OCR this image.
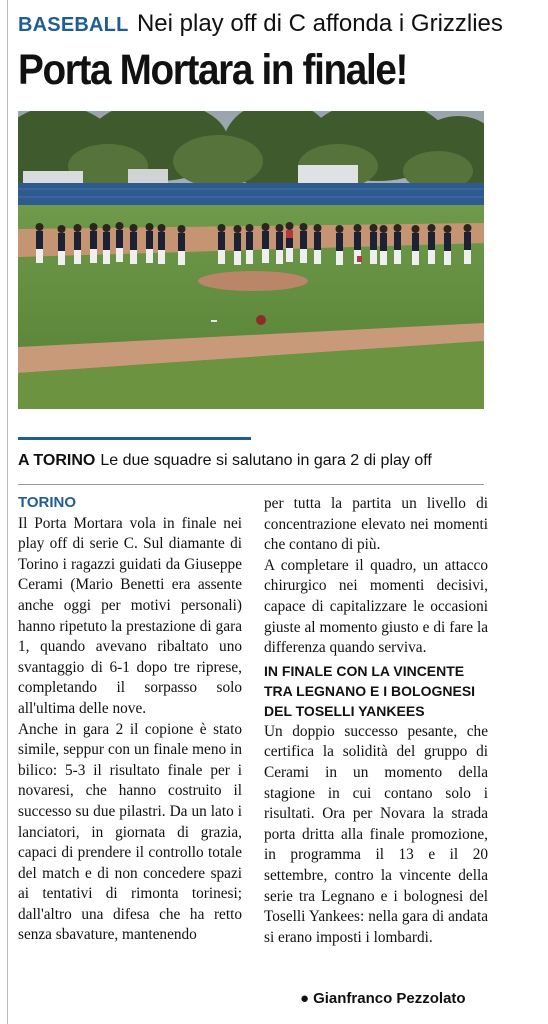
BASEBALL Nei play off di C affonda i Grizzlies
Porta Mortara in finale!
A TORINO Le due squadre si salutano in gara 2 di play off
TORINO

Il Porta Mortara vola in finale nei play off di serie C. Sul diamante di Torino i ragazzi guidati da Giuseppe Cerami (Mario Benetti era assente anche oggi per motivi personali) hanno ripetuto la prestazione di gara 1, quando avevano ribaltato uno svantaggio di 6-1 dopo tre riprese, completando il sorpasso solo all'ultima delle nove.

Anche in gara 2 il copione è stato simile, seppur con un finale meno in bilico: 5-3 il risultato finale per i novaresi, che hanno costruito il successo su due pilastri. Da un lato i lanciatori, in giornata di grazia, capaci di prendere il controllo totale del match e di non concedere spazi ai tentativi di rimonta torinesi; dall'altro una difesa che ha retto senza sbavature, mantenendo

per tutta la partita un livello di concentrazione elevato nei momenti che contano di più.

A completare il quadro, un attacco chirurgico nei momenti decisivi, capace di capitalizzare le occasioni giuste al momento giusto e di fare la differenza quando serviva.

IN FINALE CON LA VINCENTE TRA LEGNANO E I BOLOGNESI DEL TOSELLI YANKEES

Un doppio successo pesante, che certifica la solidità del gruppo di Cerami in un momento della stagione in cui contano solo i risultati. Ora per Novara la strada porta dritta alla finale promozione, in programma il 13 e il 20 settembre, contro la vincente della serie tra Legnano e i bolognesi del Toselli Yankees: nella gara di andata si erano imposti i lombardi.

● Gianfranco Pezzolato
